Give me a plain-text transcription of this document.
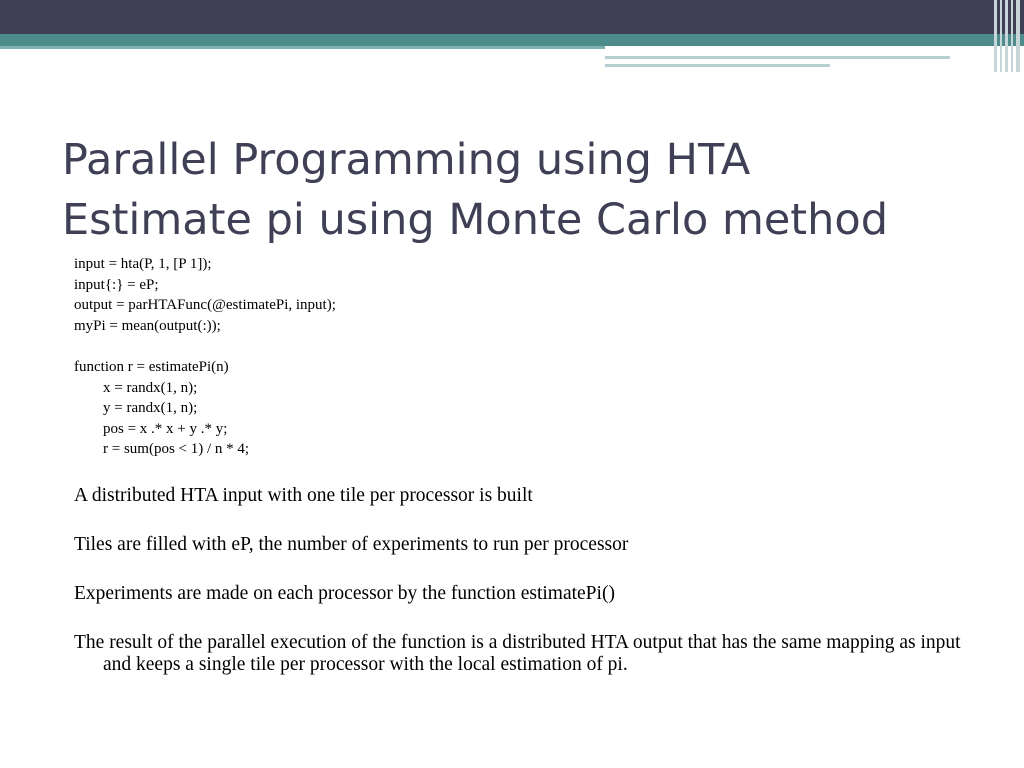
Parallel Programming using HTA
Estimate pi using Monte Carlo method
input = hta(P, 1, [P 1]);
input{:} = eP;
output = parHTAFunc(@estimatePi, input);
myPi = mean(output(:));
function r = estimatePi(n)
x = randx(1, n);
y = randx(1, n);
pos = x .* x + y .* y;
r = sum(pos < 1) / n * 4;
A distributed HTA input with one tile per processor is built
Tiles are filled with eP, the number of experiments to run per processor
Experiments are made on each processor by the function estimatePi()
The result of the parallel execution of the function is a distributed HTA output that has the same mapping as input and keeps a single tile per processor with the local estimation of pi.
